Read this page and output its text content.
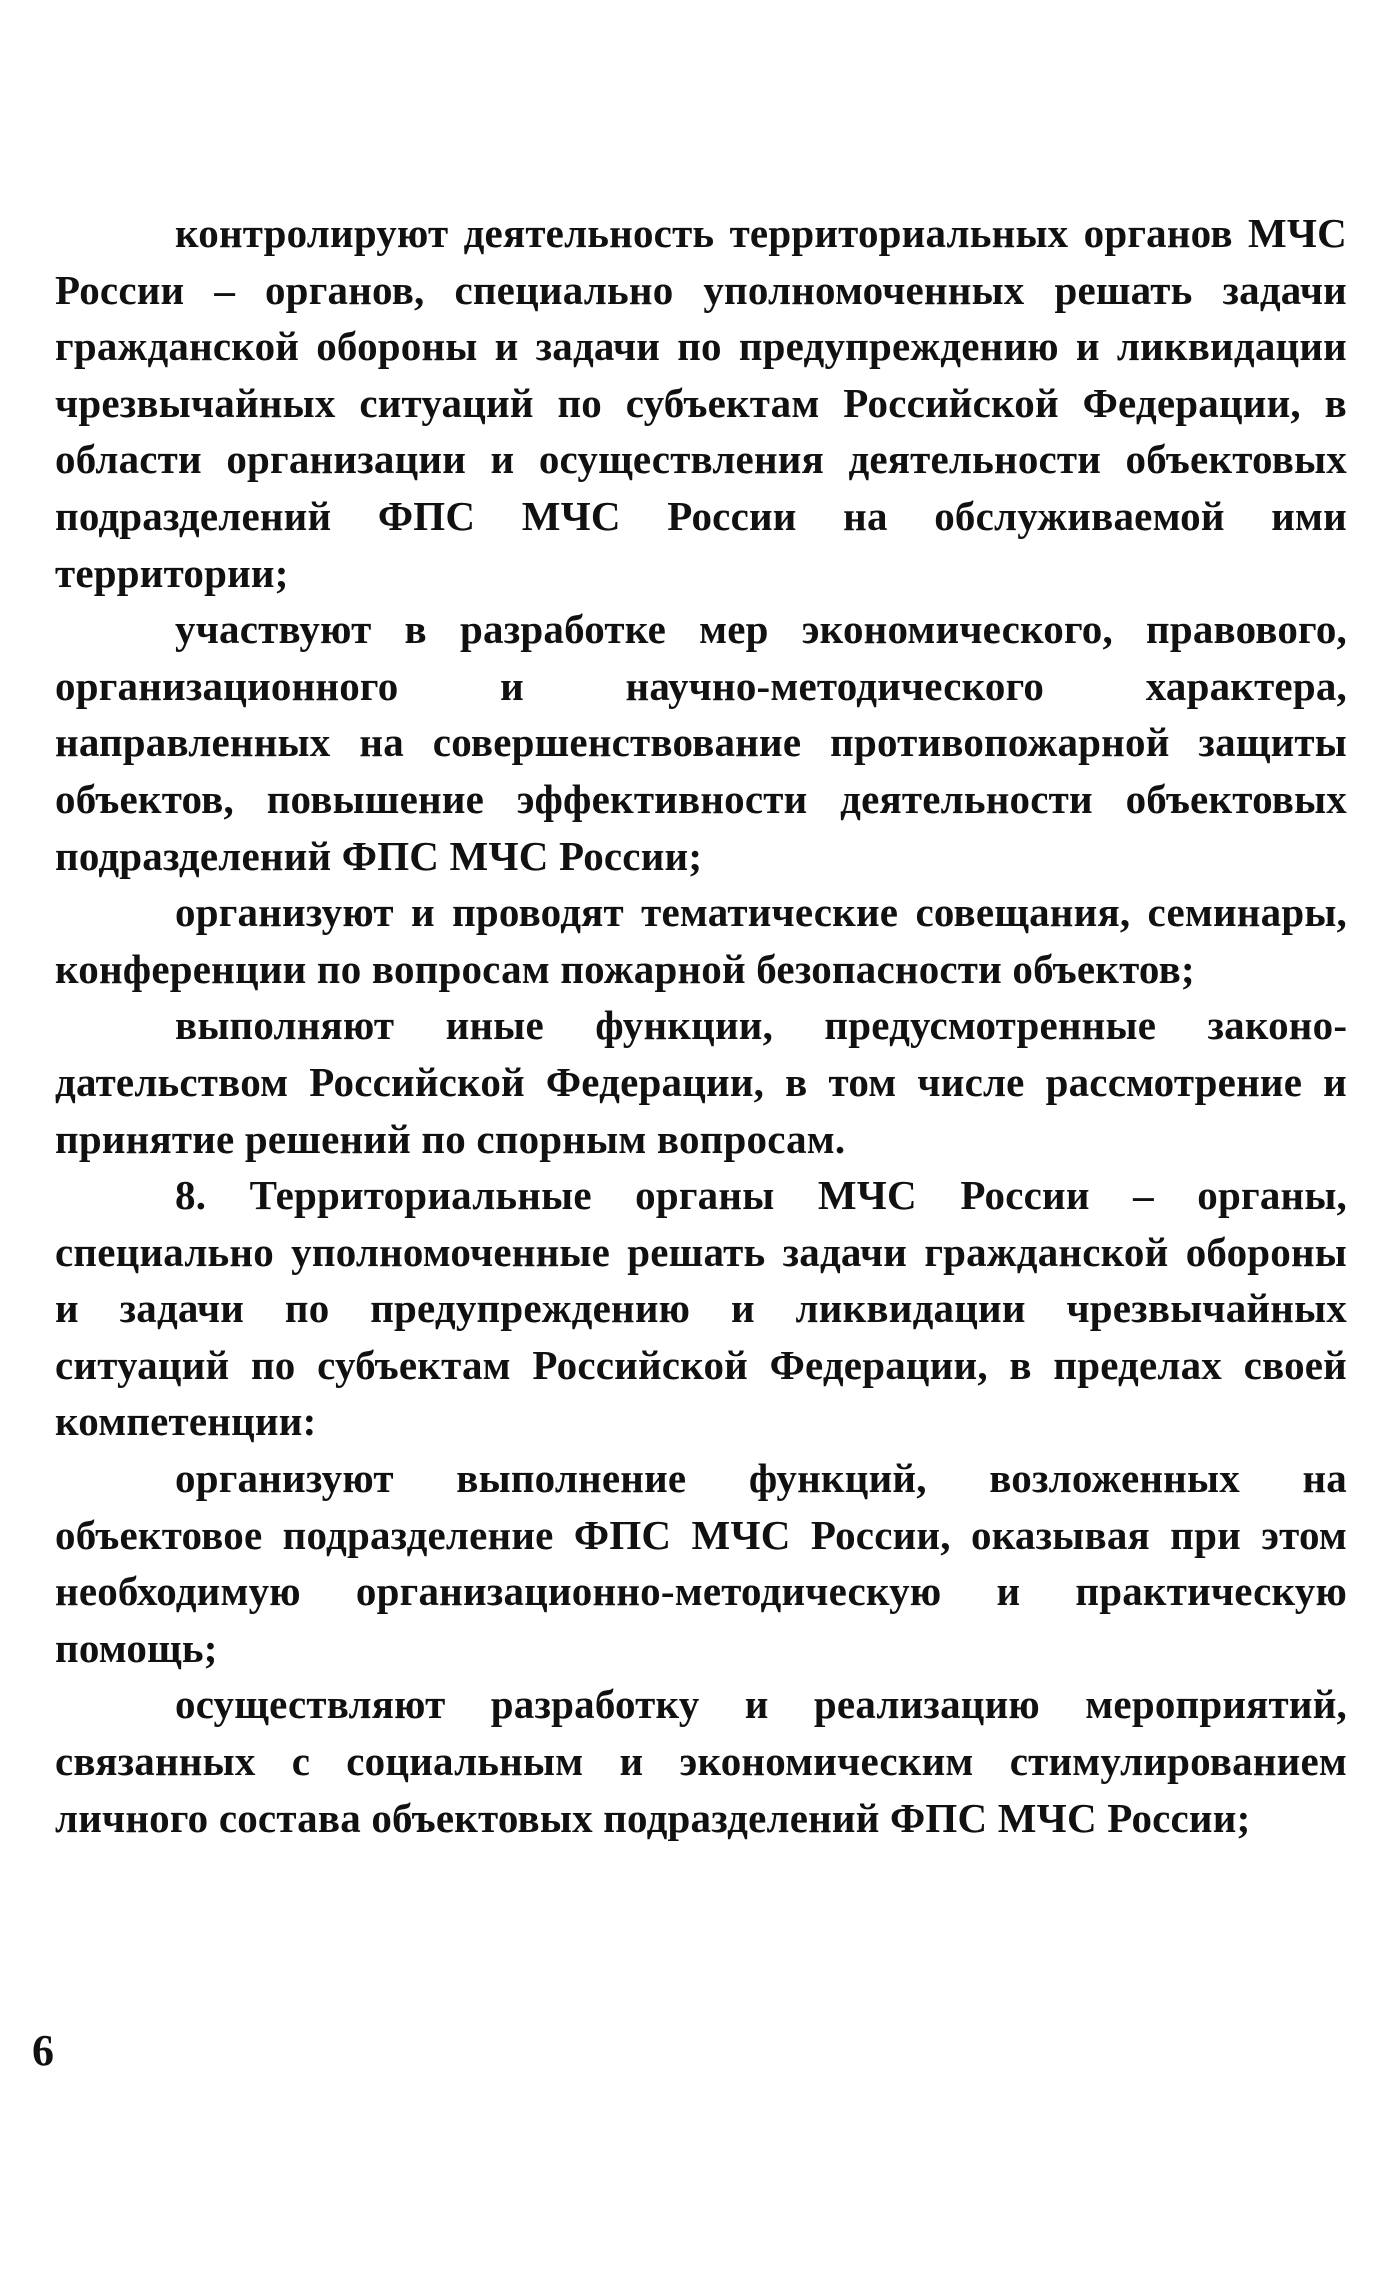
контролируют деятельность территориальных органов МЧС России – органов, специально уполномоченных решать задачи гражданской обороны и задачи по предупреждению и ликвидации чрезвычайных ситуаций по субъектам Российской Федерации, в области организации и осуществления деятельности объектовых подразделений ФПС МЧС России на обслуживаемой ими территории;

участвуют в разработке мер экономического, правового, организационного и научно-методического характера, направленных на совершенствование противопожарной защиты объектов, повышение эффективности деятельности объектовых подразделений ФПС МЧС России;

организуют и проводят тематические совещания, семинары, конференции по вопросам пожарной безопасности объектов;

выполняют иные функции, предусмотренные законодательством Российской Федерации, в том числе рассмотрение и принятие решений по спорным вопросам.

8. Территориальные органы МЧС России – органы, специально уполномоченные решать задачи гражданской обороны и задачи по предупреждению и ликвидации чрезвычайных ситуаций по субъектам Российской Федерации, в пределах своей компетенции:

организуют выполнение функций, возложенных на объектовое подразделение ФПС МЧС России, оказывая при этом необходимую организационно-методическую и практическую помощь;

осуществляют разработку и реализацию мероприятий, связанных с социальным и экономическим стимулированием личного состава объектовых подразделений ФПС МЧС России;

6
